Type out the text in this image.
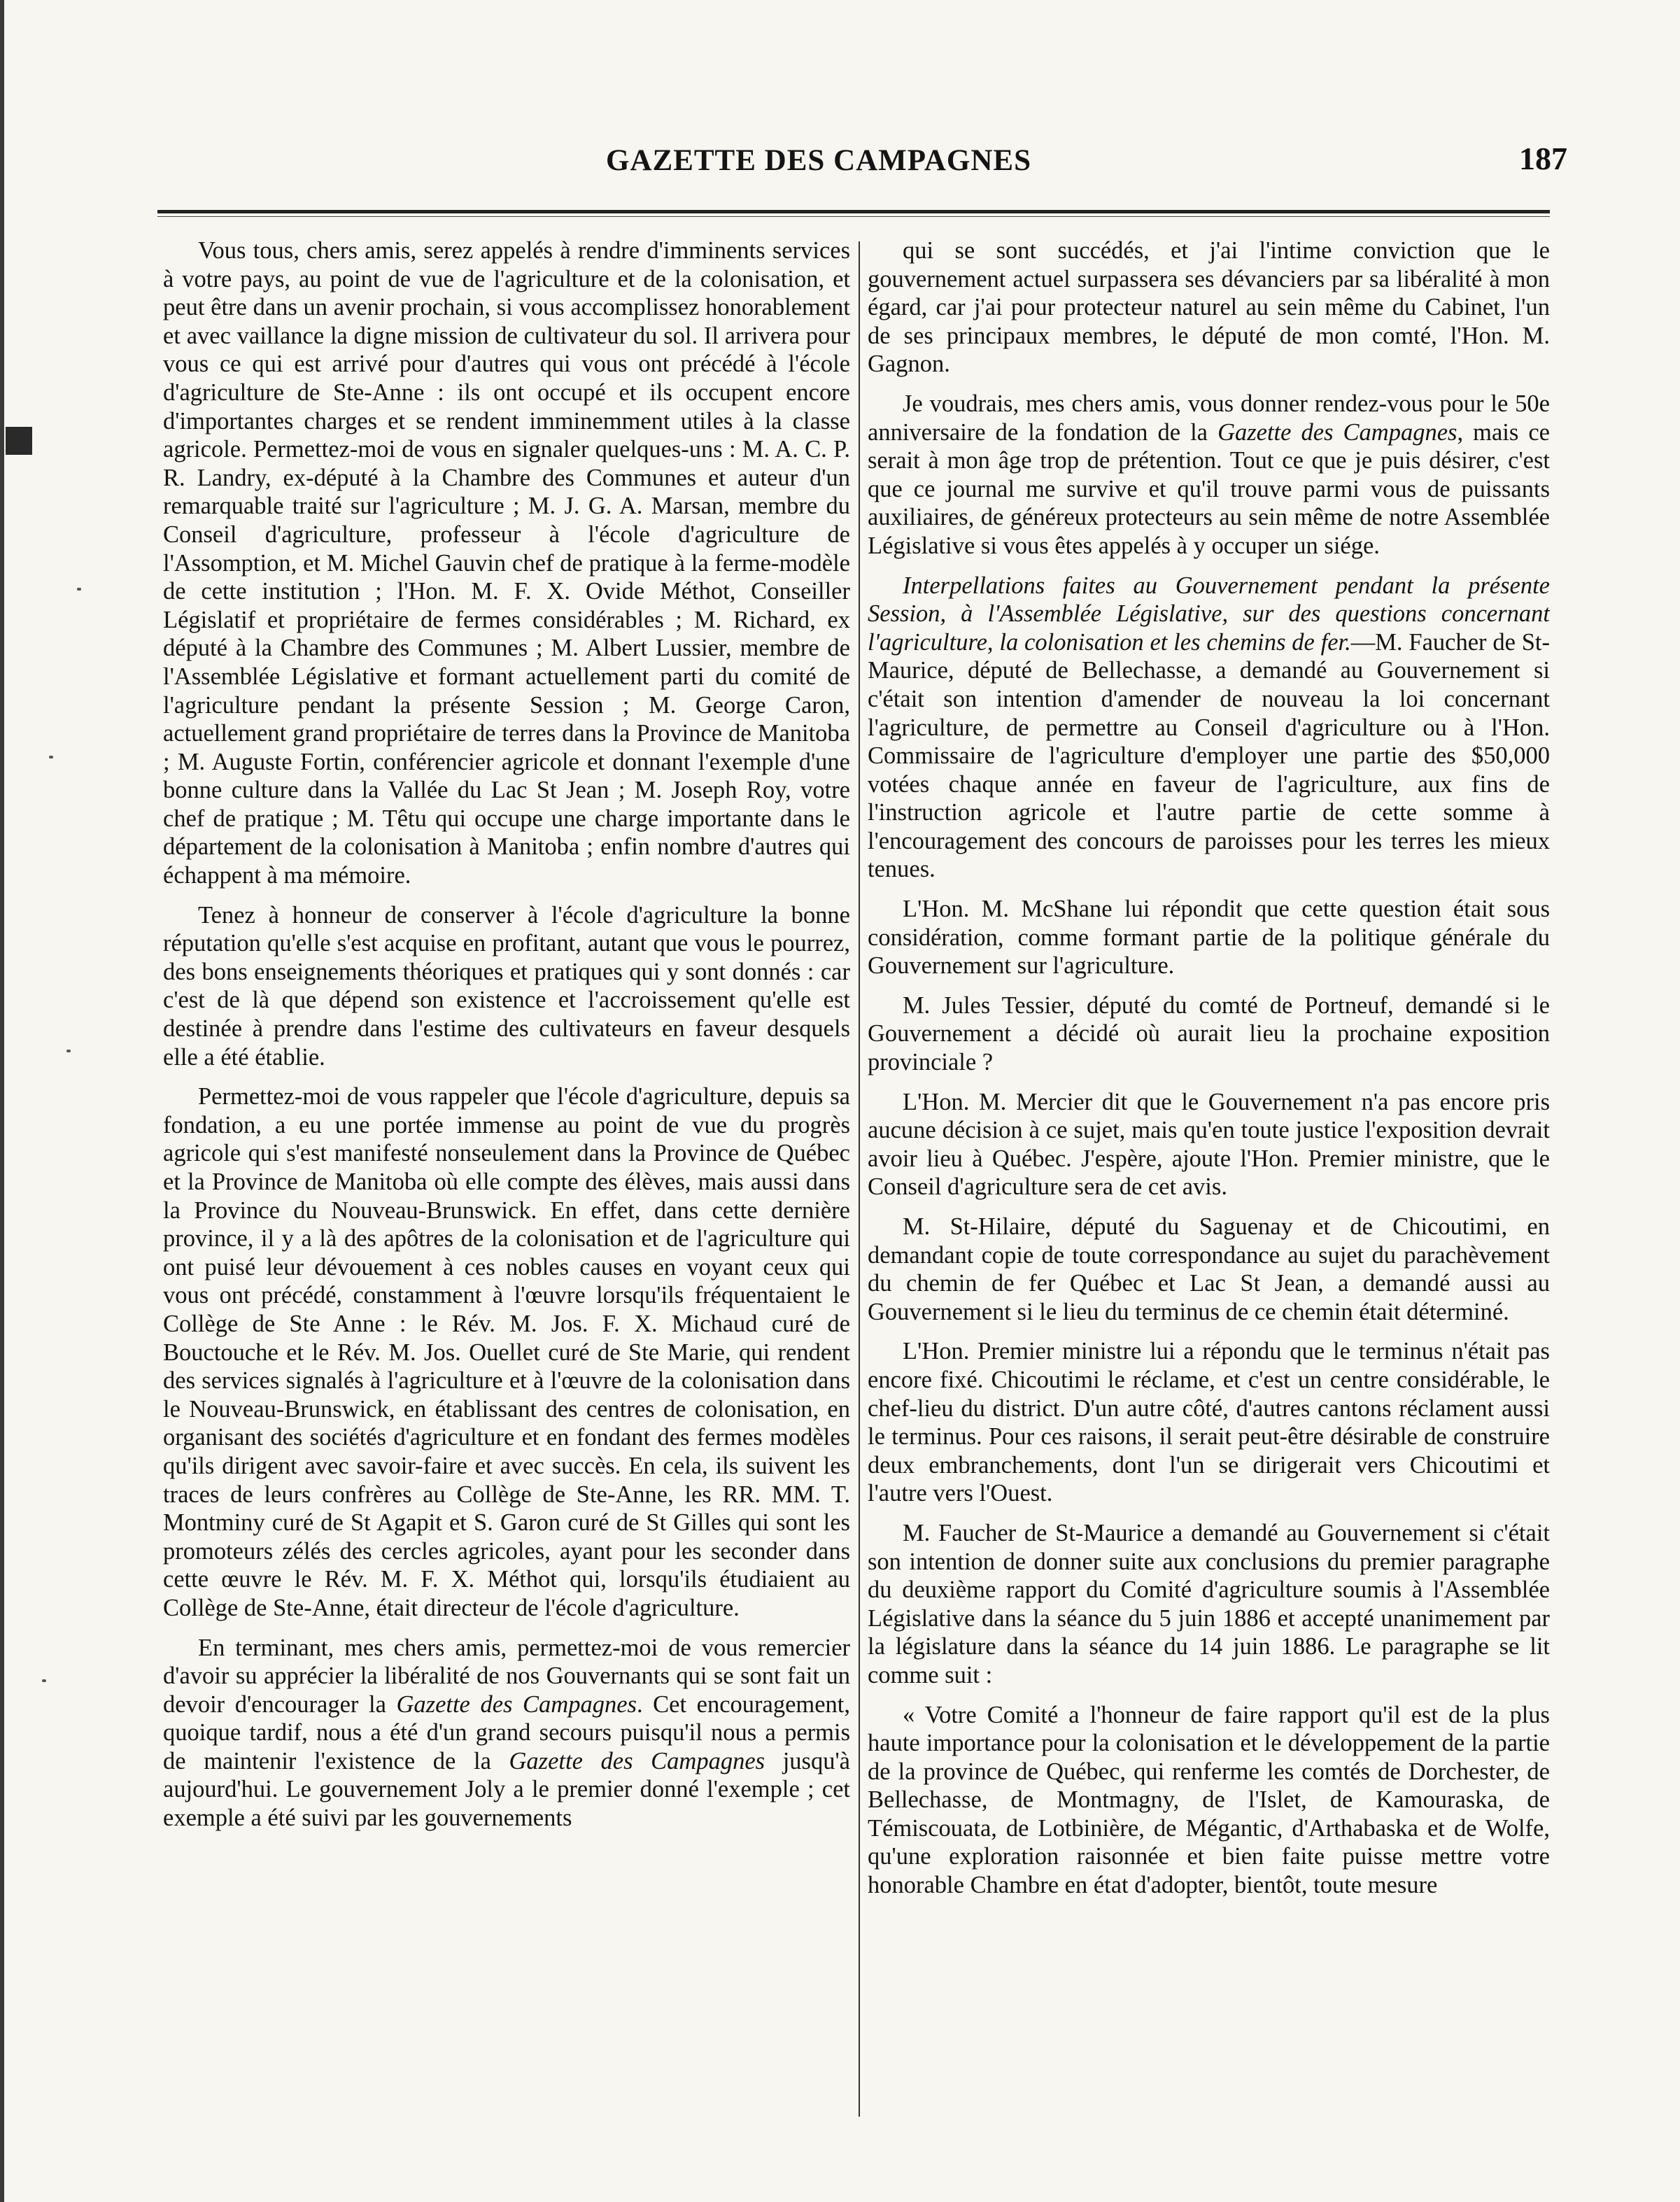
GAZETTE DES CAMPAGNES	187

Vous tous, chers amis, serez appelés à rendre d'imminents services à votre pays, au point de vue de l'agriculture et de la colonisation, et peut être dans un avenir prochain, si vous accomplissez honorablement et avec vaillance la digne mission de cultivateur du sol. Il arrivera pour vous ce qui est arrivé pour d'autres qui vous ont précédé à l'école d'agriculture de Ste-Anne : ils ont occupé et ils occupent encore d'importantes charges et se rendent imminemment utiles à la classe agricole. Permettez-moi de vous en signaler quelques-uns : M. A. C. P. R. Landry, ex-député à la Chambre des Communes et auteur d'un remarquable traité sur l'agriculture ; M. J. G. A. Marsan, membre du Conseil d'agriculture, professeur à l'école d'agriculture de l'Assomption, et M. Michel Gauvin chef de pratique à la ferme-modèle de cette institution ; l'Hon. M. F. X. Ovide Méthot, Conseiller Législatif et propriétaire de fermes considérables ; M. Richard, ex député à la Chambre des Communes ; M. Albert Lussier, membre de l'Assemblée Législative et formant actuellement parti du comité de l'agriculture pendant la présente Session ; M. George Caron, actuellement grand propriétaire de terres dans la Province de Manitoba ; M. Auguste Fortin, conférencier agricole et donnant l'exemple d'une bonne culture dans la Vallée du Lac St Jean ; M. Joseph Roy, votre chef de pratique ; M. Têtu qui occupe une charge importante dans le département de la colonisation à Manitoba ; enfin nombre d'autres qui échappent à ma mémoire.

Tenez à honneur de conserver à l'école d'agriculture la bonne réputation qu'elle s'est acquise en profitant, autant que vous le pourrez, des bons enseignements théoriques et pratiques qui y sont donnés : car c'est de là que dépend son existence et l'accroissement qu'elle est destinée à prendre dans l'estime des cultivateurs en faveur desquels elle a été établie.

Permettez-moi de vous rappeler que l'école d'agriculture, depuis sa fondation, a eu une portée immense au point de vue du progrès agricole qui s'est manifesté nonseulement dans la Province de Québec et la Province de Manitoba où elle compte des élèves, mais aussi dans la Province du Nouveau-Brunswick. En effet, dans cette dernière province, il y a là des apôtres de la colonisation et de l'agriculture qui ont puisé leur dévouement à ces nobles causes en voyant ceux qui vous ont précédé, constamment à l'œuvre lorsqu'ils fréquentaient le Collège de Ste Anne : le Rév. M. Jos. F. X. Michaud curé de Bouctouche et le Rév. M. Jos. Ouellet curé de Ste Marie, qui rendent des services signalés à l'agriculture et à l'œuvre de la colonisation dans le Nouveau-Brunswick, en établissant des centres de colonisation, en organisant des sociétés d'agriculture et en fondant des fermes modèles qu'ils dirigent avec savoir-faire et avec succès. En cela, ils suivent les traces de leurs confrères au Collège de Ste-Anne, les RR. MM. T. Montminy curé de St Agapit et S. Garon curé de St Gilles qui sont les promoteurs zélés des cercles agricoles, ayant pour les seconder dans cette œuvre le Rév. M. F. X. Méthot qui, lorsqu'ils étudiaient au Collège de Ste-Anne, était directeur de l'école d'agriculture.

En terminant, mes chers amis, permettez-moi de vous remercier d'avoir su apprécier la libéralité de nos Gouvernants qui se sont fait un devoir d'encourager la Gazette des Campagnes. Cet encouragement, quoique tardif, nous a été d'un grand secours puisqu'il nous a permis de maintenir l'existence de la Gazette des Campagnes jusqu'à aujourd'hui. Le gouvernement Joly a le premier donné l'exemple ; cet exemple a été suivi par les gouvernements

qui se sont succédés, et j'ai l'intime conviction que le gouvernement actuel surpassera ses dévanciers par sa libéralité à mon égard, car j'ai pour protecteur naturel au sein même du Cabinet, l'un de ses principaux membres, le député de mon comté, l'Hon. M. Gagnon.

Je voudrais, mes chers amis, vous donner rendez-vous pour le 50e anniversaire de la fondation de la Gazette des Campagnes, mais ce serait à mon âge trop de prétention. Tout ce que je puis désirer, c'est que ce journal me survive et qu'il trouve parmi vous de puissants auxiliaires, de généreux protecteurs au sein même de notre Assemblée Législative si vous êtes appelés à y occuper un siége.

Interpellations faites au Gouvernement pendant la présente Session, à l'Assemblée Législative, sur des questions concernant l'agriculture, la colonisation et les chemins de fer.—M. Faucher de St-Maurice, député de Bellechasse, a demandé au Gouvernement si c'était son intention d'amender de nouveau la loi concernant l'agriculture, de permettre au Conseil d'agriculture ou à l'Hon. Commissaire de l'agriculture d'employer une partie des $50,000 votées chaque année en faveur de l'agriculture, aux fins de l'instruction agricole et l'autre partie de cette somme à l'encouragement des concours de paroisses pour les terres les mieux tenues.

L'Hon. M. McShane lui répondit que cette question était sous considération, comme formant partie de la politique générale du Gouvernement sur l'agriculture.

M. Jules Tessier, député du comté de Portneuf, demandé si le Gouvernement a décidé où aurait lieu la prochaine exposition provinciale ?

L'Hon. M. Mercier dit que le Gouvernement n'a pas encore pris aucune décision à ce sujet, mais qu'en toute justice l'exposition devrait avoir lieu à Québec. J'espère, ajoute l'Hon. Premier ministre, que le Conseil d'agriculture sera de cet avis.

M. St-Hilaire, député du Saguenay et de Chicoutimi, en demandant copie de toute correspondance au sujet du parachèvement du chemin de fer Québec et Lac St Jean, a demandé aussi au Gouvernement si le lieu du terminus de ce chemin était déterminé.

L'Hon. Premier ministre lui a répondu que le terminus n'était pas encore fixé. Chicoutimi le réclame, et c'est un centre considérable, le chef-lieu du district. D'un autre côté, d'autres cantons réclament aussi le terminus. Pour ces raisons, il serait peut-être désirable de construire deux embranchements, dont l'un se dirigerait vers Chicoutimi et l'autre vers l'Ouest.

M. Faucher de St-Maurice a demandé au Gouvernement si c'était son intention de donner suite aux conclusions du premier paragraphe du deuxième rapport du Comité d'agriculture soumis à l'Assemblée Législative dans la séance du 5 juin 1886 et accepté unanimement par la législature dans la séance du 14 juin 1886. Le paragraphe se lit comme suit :

« Votre Comité a l'honneur de faire rapport qu'il est de la plus haute importance pour la colonisation et le développement de la partie de la province de Québec, qui renferme les comtés de Dorchester, de Bellechasse, de Montmagny, de l'Islet, de Kamouraska, de Témiscouata, de Lotbinière, de Mégantic, d'Arthabaska et de Wolfe, qu'une exploration raisonnée et bien faite puisse mettre votre honorable Chambre en état d'adopter, bientôt, toute mesure
